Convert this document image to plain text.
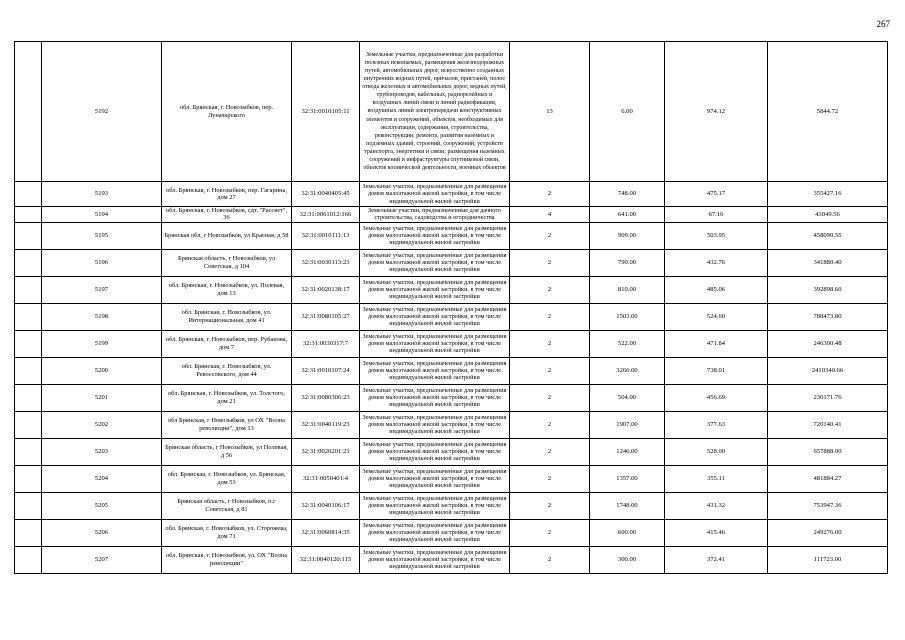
267
	5192	обл. Брянская, г. Новозыбков, пер. Луначарского	32:31:0010105:11	Земельные участки, предназначенные для разработки полезных ископаемых, размещения железнодорожных путей, автомобильных дорог, искусственно созданных внутренних водных путей, причалов, пристаней, полос отвода железных и автомобильных дорог, водных путей, трубопроводов, кабельных, радиорелейных и воздушных линий связи и линий радиофикации, воздушных линий электропередачи конструктивных элементов и сооружений, объектов, необходимых для эксплуатации, содержания, строительства, реконструкции, ремонта, развития наземных и подземных зданий, строений, сооружений, устройств транспорта, энергетики и связи; размещения наземных сооружений и инфраструктуры спутниковой связи, объектов космической деятельности, военных объектов	13	6.00	974.12	5844.72
	5193	обл. Брянская, г. Новозыбков, пер. Гагарина, дом 27	32:31:0040405:45	Земельные участки, предназначенные для размещения домов малоэтажной жилой застройки, в том числе индивидуальной жилой застройки	2	748.00	475.17	355427.16
	5194	обл. Брянская, г. Новозыбков, сдт. "Рассвет", 36	32:31:0061012:166	Земельные участки, предназначенные для дачного строительства, садоводства и огородничества	4	641.00	67.16	43049.56
	5195	Брянская обл, г Новозыбков, ул Красная, д 58	32:31:0010111:13	Земельные участки, предназначенные для размещения домов малоэтажной жилой застройки, в том числе индивидуальной жилой застройки	2	909.00	503.95	458090.55
	5196	Брянская область, г Новозыбков, ул Советская, д 104	32:31:0030113:23	Земельные участки, предназначенные для размещения домов малоэтажной жилой застройки, в том числе индивидуальной жилой застройки	2	790.00	432.76	341880.40
	5197	обл. Брянская, г. Новозыбков, ул. Полевая, дом 13	32:31:0020138:17	Земельные участки, предназначенные для размещения домов малоэтажной жилой застройки, в том числе индивидуальной жилой застройки	2	810.00	485.06	392898.60
	5198	обл. Брянская, г. Новозыбков, ул. Интернациональная, дом 41	32:31:0080105:27	Земельные участки, предназначенные для размещения домов малоэтажной жилой застройки, в том числе индивидуальной жилой застройки	2	1503.00	524.60	788473.80
	5199	обл. Брянская, г. Новозыбков, пер. Рубанова, дом 7	32:31:0030317:7	Земельные участки, предназначенные для размещения домов малоэтажной жилой застройки, в том числе индивидуальной жилой застройки	2	522.00	471.84	246300.48
	5200	обл. Брянская, г. Новозыбков, ул. Ревоссовского, дом 44	32:31:0010107:24	Земельные участки, предназначенные для размещения домов малоэтажной жилой застройки, в том числе индивидуальной жилой застройки	2	3266.00	738.01	2410340.66
	5201	обл. Брянская, г. Новозыбков, ул. Толстого, дом 21	32:31:0080306:23	Земельные участки, предназначенные для размещения домов малоэтажной жилой застройки, в том числе индивидуальной жилой застройки	2	504.00	456.69	230171.76
	5202	обл Брянская, г Новозыбков, ул ОХ "Волна революции", дом 13	32:31:0040119:23	Земельные участки, предназначенные для размещения домов малоэтажной жилой застройки, в том числе индивидуальной жилой застройки	2	1907.00	377.63	720140.41
	5203	Брянская область, г Новозыбков, ул Полевая, д 56	32:31:0020201:21	Земельные участки, предназначенные для размещения домов малоэтажной жилой застройки, в том числе индивидуальной жилой застройки	2	1246.00	528.00	657888.00
	5204	обл. Брянская, г. Новозыбков, ул. Брянская, дом 53	32:31:0050401:4	Земельные участки, предназначенные для размещения домов малоэтажной жилой застройки, в том числе индивидуальной жилой застройки	2	1357.00	355.11	481884.27
	5205	Брянская область, г Новозыбков, п.г Советская, д 81	32:31:0040106:17	Земельные участки, предназначенные для размещения домов малоэтажной жилой застройки, в том числе индивидуальной жилой застройки	2	1748.00	431.32	753947.36
	5206	обл. Брянская, г. Новозыбков, ул. Сторожева, дом 71	32:31:0060814:35	Земельные участки, предназначенные для размещения домов малоэтажной жилой застройки, в том числе индивидуальной жилой застройки	2	600.00	415.46	249276.00
	5207	обл. Брянская, г. Новозыбков, ул. ОХ "Волна революции"	32:31:0040120:115	Земельные участки, предназначенные для размещения домов малоэтажной жилой застройки, в том числе индивидуальной жилой застройки	2	300.00	372.41	111723.00
